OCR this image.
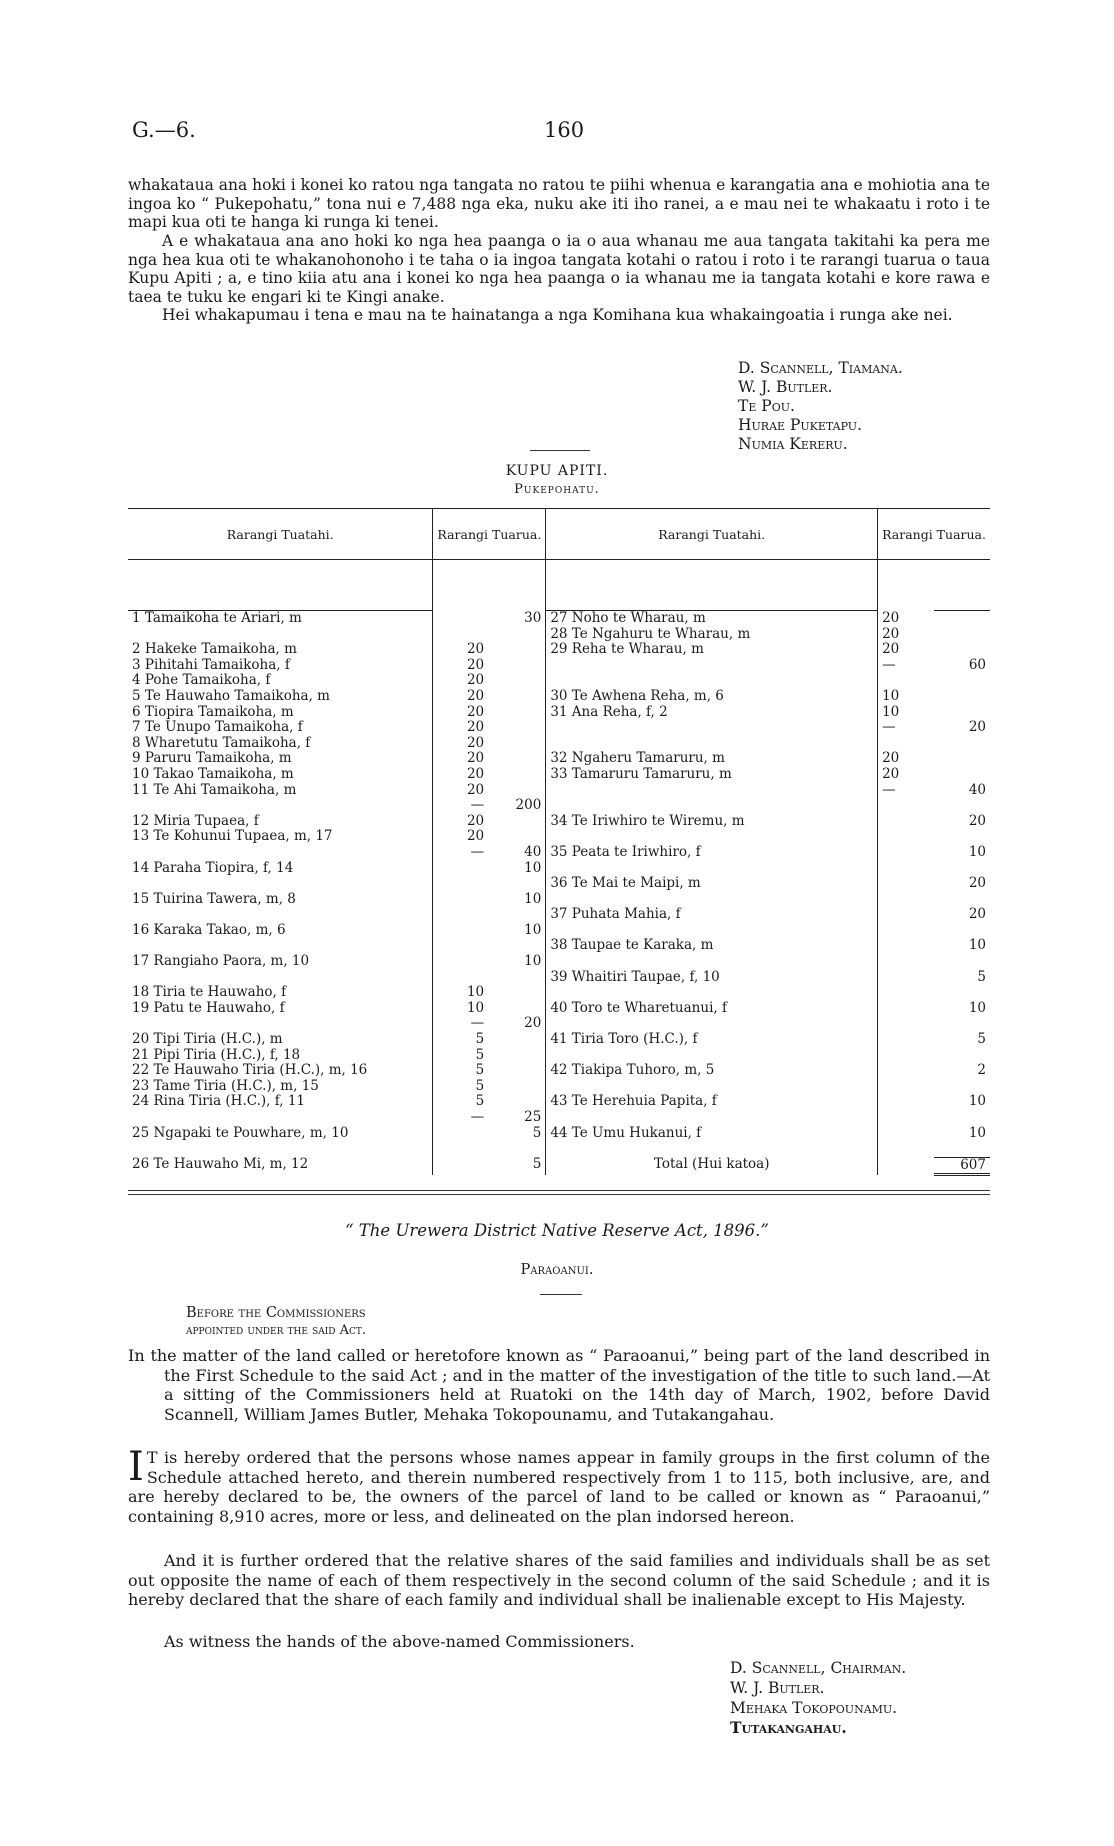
G.—6.	160

whakataua ana hoki i konei ko ratou nga tangata no ratou te piihi whenua e karangatia ana e mohiotia ana te ingoa ko “ Pukepohatu,” tona nui e 7,488 nga eka, nuku ake iti iho ranei, a e mau nei te whakaatu i roto i te mapi kua oti te hanga ki runga ki tenei.

A e whakataua ana ano hoki ko nga hea paanga o ia o aua whanau me aua tangata takitahi ka pera me nga hea kua oti te whakanohonoho i te taha o ia ingoa tangata kotahi o ratou i roto i te rarangi tuarua o taua Kupu Apiti ; a, e tino kiia atu ana i konei ko nga hea paanga o ia whanau me ia tangata kotahi e kore rawa e taea te tuku ke engari ki te Kingi anake.

Hei whakapumau i tena e mau na te hainatanga a nga Komihana kua whakaingoatia i runga ake nei.

D. Scannell, Tiamana.
W. J. Butler.
Te Pou.
Hurae Puketapu.
Numia Kereru.
KUPU APITI.
Pukepohatu.
Rarangi Tuatahi.	Rarangi Tuarua.		Rarangi Tuatahi.	Rarangi Tuarua.	

1 Tamaikoha te Ariari, m		30	27 Noho te Wharau, m	20	
			28 Te Ngahuru te Wharau, m	20	
2 Hakeke Tamaikoha, m	20		29 Reha te Wharau, m	20	
3 Pihitahi Tamaikoha, f	20			—	60
4 Pohe Tamaikoha, f	20				
5 Te Hauwaho Tamaikoha, m	20		30 Te Awhena Reha, m, 6	10	
6 Tiopira Tamaikoha, m	20		31 Ana Reha, f, 2	10	
7 Te Unupo Tamaikoha, f	20			—	20
8 Wharetutu Tamaikoha, f	20				
9 Paruru Tamaikoha, m	20		32 Ngaheru Tamaruru, m	20	
10 Takao Tamaikoha, m	20		33 Tamaruru Tamaruru, m	20	
11 Te Ahi Tamaikoha, m	20			—	40
	—	200			
12 Miria Tupaea, f	20		34 Te Iriwhiro te Wiremu, m		20
13 Te Kohunui Tupaea, m, 17	20				
	—	40	35 Peata te Iriwhiro, f		10
14 Paraha Tiopira, f, 14		10			
			36 Te Mai te Maipi, m		20
15 Tuirina Tawera, m, 8		10			
			37 Puhata Mahia, f		20
16 Karaka Takao, m, 6		10			
			38 Taupae te Karaka, m		10
17 Rangiaho Paora, m, 10		10			
			39 Whaitiri Taupae, f, 10		5
18 Tiria te Hauwaho, f	10				
19 Patu te Hauwaho, f	10		40 Toro te Wharetuanui, f		10
	—	20			
20 Tipi Tiria (H.C.), m	5		41 Tiria Toro (H.C.), f		5
21 Pipi Tiria (H.C.), f, 18	5				
22 Te Hauwaho Tiria (H.C.), m, 16	5		42 Tiakipa Tuhoro, m, 5		2
23 Tame Tiria (H.C.), m, 15	5				
24 Rina Tiria (H.C.), f, 11	5		43 Te Herehuia Papita, f		10
	—	25			
25 Ngapaki te Pouwhare, m, 10		5	44 Te Umu Hukanui, f		10

26 Te Hauwaho Mi, m, 12		5	Total (Hui katoa)		607
“ The Urewera District Native Reserve Act, 1896.”
Paraoanui.
Before the Commissioners
appointed under the said Act.

In the matter of the land called or heretofore known as “ Paraoanui,” being part of the land described in the First Schedule to the said Act ; and in the matter of the investigation of the title to such land.—At a sitting of the Commissioners held at Ruatoki on the 14th day of March, 1902, before David Scannell, William James Butler, Mehaka Tokopounamu, and Tutakangahau.

I T is hereby ordered that the persons whose names appear in family groups in the first column of the Schedule attached hereto, and therein numbered respectively from 1 to 115, both inclusive, are, and are hereby declared to be, the owners of the parcel of land to be called or known as “ Paraoanui,” containing 8,910 acres, more or less, and delineated on the plan indorsed hereon.

And it is further ordered that the relative shares of the said families and individuals shall be as set out opposite the name of each of them respectively in the second column of the said Schedule ; and it is hereby declared that the share of each family and individual shall be inalienable except to His Majesty.

As witness the hands of the above-named Commissioners.

D. Scannell, Chairman.
W. J. Butler.
Mehaka Tokopounamu.
Tutakangahau.
